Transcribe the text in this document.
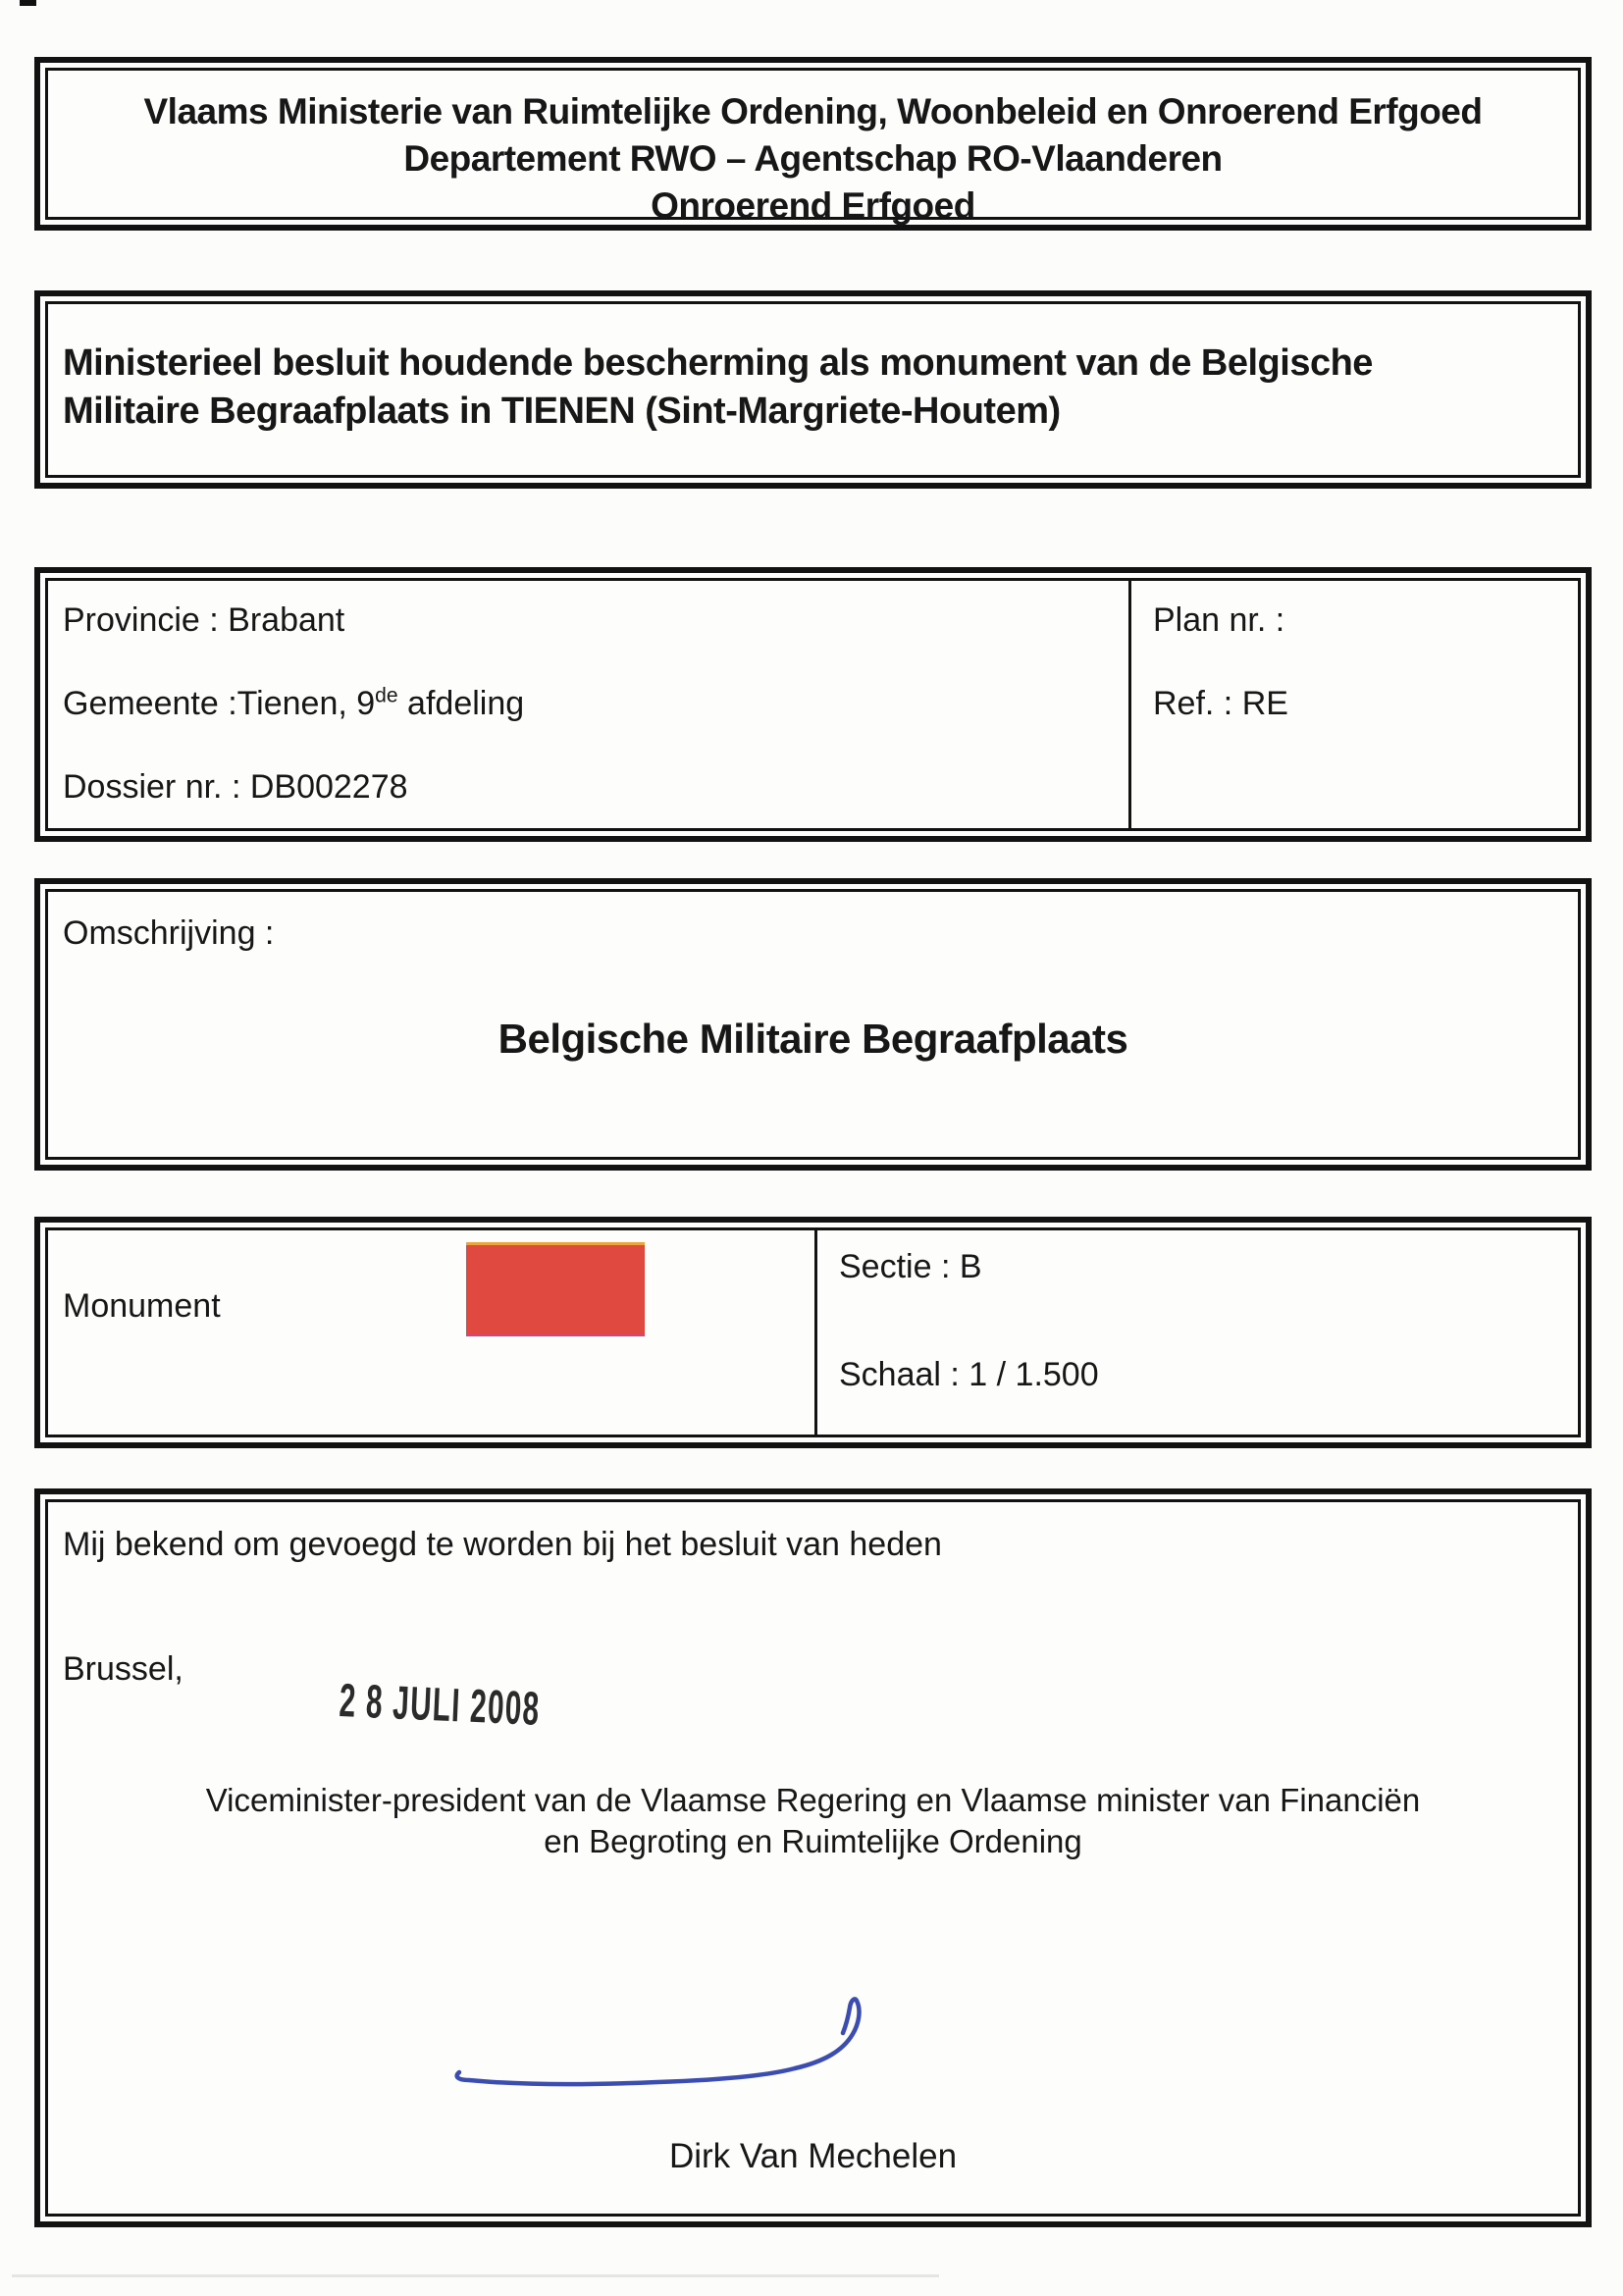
Vlaams Ministerie van Ruimtelijke Ordening, Woonbeleid en Onroerend Erfgoed
Departement RWO – Agentschap RO-Vlaanderen
Onroerend Erfgoed
Ministerieel besluit houdende bescherming als monument van de Belgische Militaire Begraafplaats in TIENEN (Sint-Margriete-Houtem)
Provincie : Brabant
Gemeente :Tienen, 9de afdeling
Dossier nr. : DB002278
Plan nr. :
Ref. : RE
Omschrijving :
Belgische Militaire Begraafplaats
Monument
Sectie : B
Schaal : 1 / 1.500
Mij bekend om gevoegd te worden bij het besluit van heden
Brussel,
2 8 JULI 2008
Viceminister-president van de Vlaamse Regering en Vlaamse minister van Financiën en Begroting en Ruimtelijke Ordening
Dirk Van Mechelen
